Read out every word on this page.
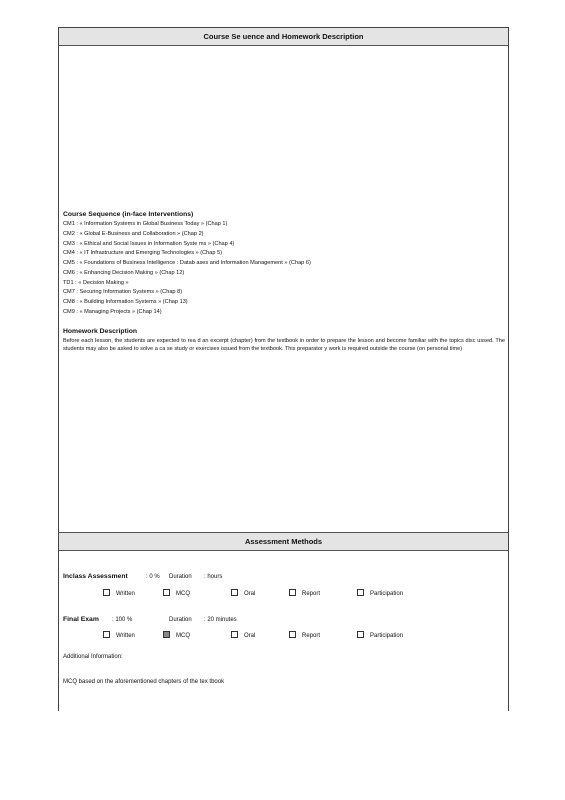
Course Se uence and Homework Description
Course Sequence (in-face Interventions)
CM1 : « Information Systems in Global Business Today » (Chap 1)
CM2 : « Global E-Business and Collaboration » (Chap 2)
CM3 : « Ethical and Social Issues in Information Syste ms » (Chap 4)
CM4 : « IT Infrastructure and Emerging Technologies » (Chap 5)
CM5 : « Foundations of Business Intelligence : Datab ases and Information Management » (Chap 6)
CM6 : « Enhancing Decision Making » (Chap 12)
TD1 : « Decision Making »
CM7 : Securing Information Systems » (Chap 8)
CM8 : « Building Information Systems » (Chap 13)
CM9 : « Managing Projects » (Chap 14)
Homework Description
Before each lesson, the students are expected to rea d an excerpt (chapter) from the textbook in order to prepare the lesson and become familiar with the topics disc ussed. The students may also be asked to solve a ca se study or exercises issued from the textbook. This preparator y work is required outside the course (on personal time)
Assessment Methods
Inclass Assessment	: 0 % Duration : hours
Written	MCQ	Oral	Report	Participation
Final Exam : 100 %	Duration : 20 minutes
Written	MCQ	Oral	Report	Participation
Additional Information:
MCQ based on the aforementioned chapters of the tex tbook
